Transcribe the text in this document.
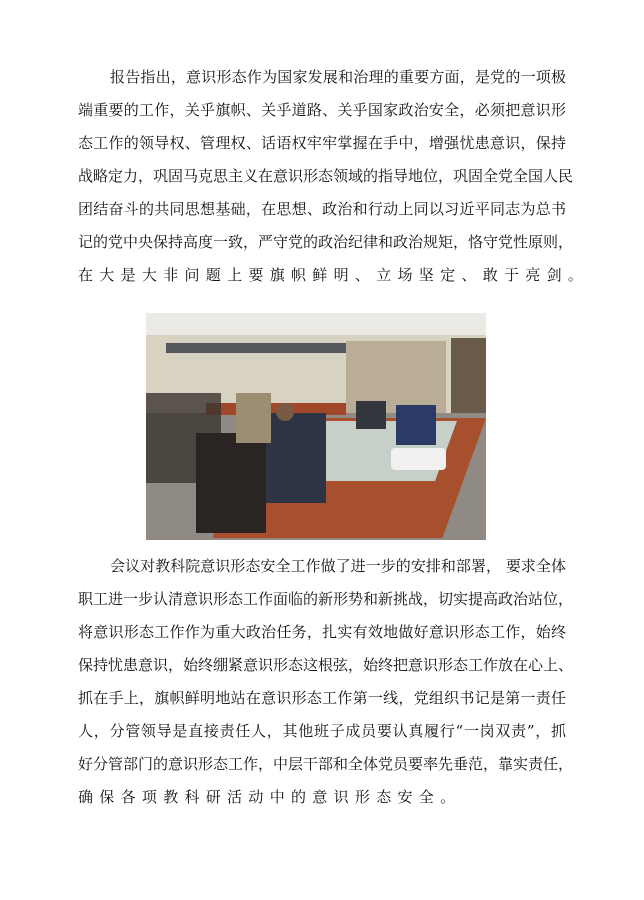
报告指出，意识形态作为国家发展和治理的重要方面，是党的一项极
端重要的工作，关乎旗帜、关乎道路、关乎国家政治安全，必须把意识形
态工作的领导权、管理权、话语权牢牢掌握在手中，增强忧患意识，保持
战略定力，巩固马克思主义在意识形态领域的指导地位，巩固全党全国人民
团结奋斗的共同思想基础，在思想、政治和行动上同以习近平同志为总书
记的党中央保持高度一致，严守党的政治纪律和政治规矩，恪守党性原则，
在大是大非问题上要旗帜鲜明、立场坚定、敢于亮剑。
会议对教科院意识形态安全工作做了进一步的安排和部署， 要求全体
职工进一步认清意识形态工作面临的新形势和新挑战，切实提高政治站位，
将意识形态工作作为重大政治任务，扎实有效地做好意识形态工作，始终
保持忧患意识，始终绷紧意识形态这根弦，始终把意识形态工作放在心上、
抓在手上，旗帜鲜明地站在意识形态工作第一线，党组织书记是第一责任
人，分管领导是直接责任人，其他班子成员要认真履行“一岗双责”，抓
好分管部门的意识形态工作，中层干部和全体党员要率先垂范，靠实责任，
确保各项教科研活动中的意识形态安全。
